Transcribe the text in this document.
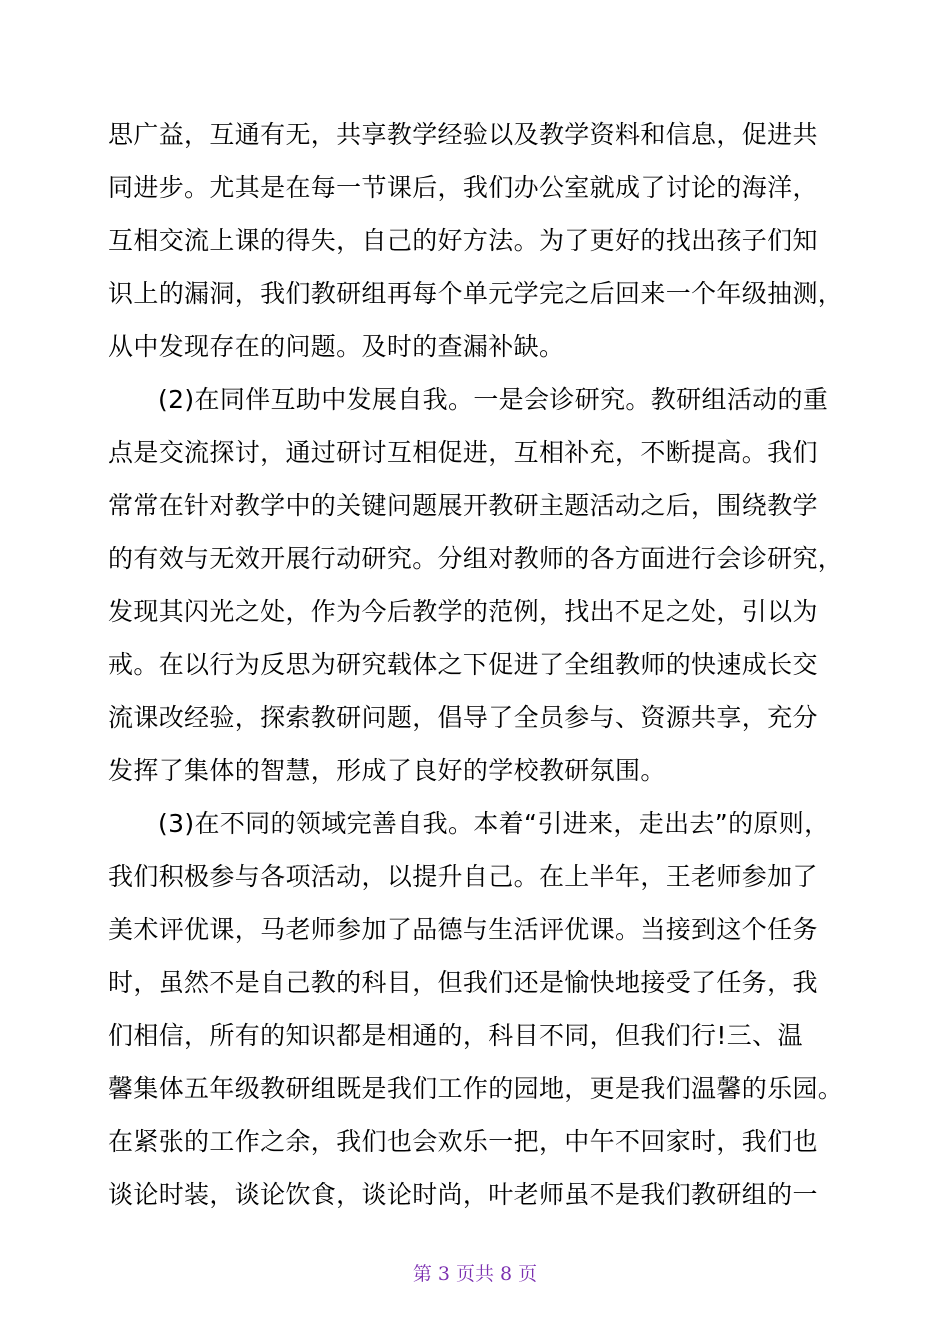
思广益，互通有无，共享教学经验以及教学资料和信息，促进共
同进步。尤其是在每一节课后，我们办公室就成了讨论的海洋，
互相交流上课的得失，自己的好方法。为了更好的找出孩子们知
识上的漏洞，我们教研组再每个单元学完之后回来一个年级抽测，
从中发现存在的问题。及时的查漏补缺。
(2)在同伴互助中发展自我。一是会诊研究。教研组活动的重
点是交流探讨，通过研讨互相促进，互相补充，不断提高。我们
常常在针对教学中的关键问题展开教研主题活动之后，围绕教学
的有效与无效开展行动研究。分组对教师的各方面进行会诊研究，
发现其闪光之处，作为今后教学的范例，找出不足之处，引以为
戒。在以行为反思为研究载体之下促进了全组教师的快速成长交
流课改经验，探索教研问题，倡导了全员参与、资源共享，充分
发挥了集体的智慧，形成了良好的学校教研氛围。
(3)在不同的领域完善自我。本着“引进来，走出去”的原则，
我们积极参与各项活动，以提升自己。在上半年，王老师参加了
美术评优课，马老师参加了品德与生活评优课。当接到这个任务
时，虽然不是自己教的科目，但我们还是愉快地接受了任务，我
们相信，所有的知识都是相通的，科目不同，但我们行!三、温
馨集体五年级教研组既是我们工作的园地，更是我们温馨的乐园。
在紧张的工作之余，我们也会欢乐一把，中午不回家时，我们也
谈论时装，谈论饮食，谈论时尚，叶老师虽不是我们教研组的一
第 3 页共 8 页
